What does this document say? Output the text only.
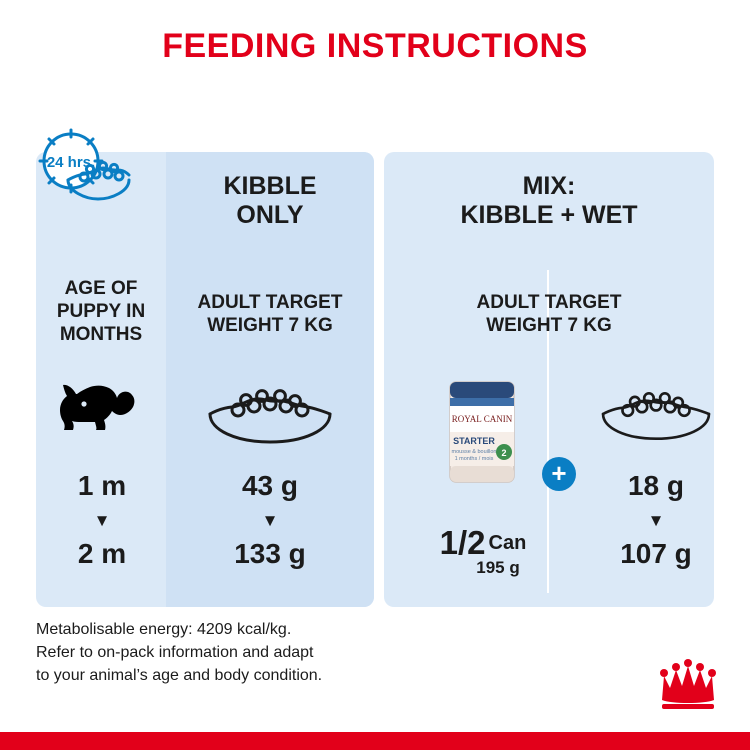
FEEDING INSTRUCTIONS
KIBBLE
ONLY
MIX:
KIBBLE + WET
AGE OF
PUPPY IN
MONTHS
ADULT TARGET
WEIGHT 7 KG
ADULT TARGET
WEIGHT 7 KG
ROYAL CANIN
STARTER
mousse & bouillon
1 months / mois
2
+
1 m
▼
2 m
43 g
▼
133 g
18 g
▼
107 g
1/2 Can
195 g
24 hrs.
Metabolisable energy: 4209 kcal/kg.
Refer to on-pack information and adapt
to your animal’s age and body condition.
